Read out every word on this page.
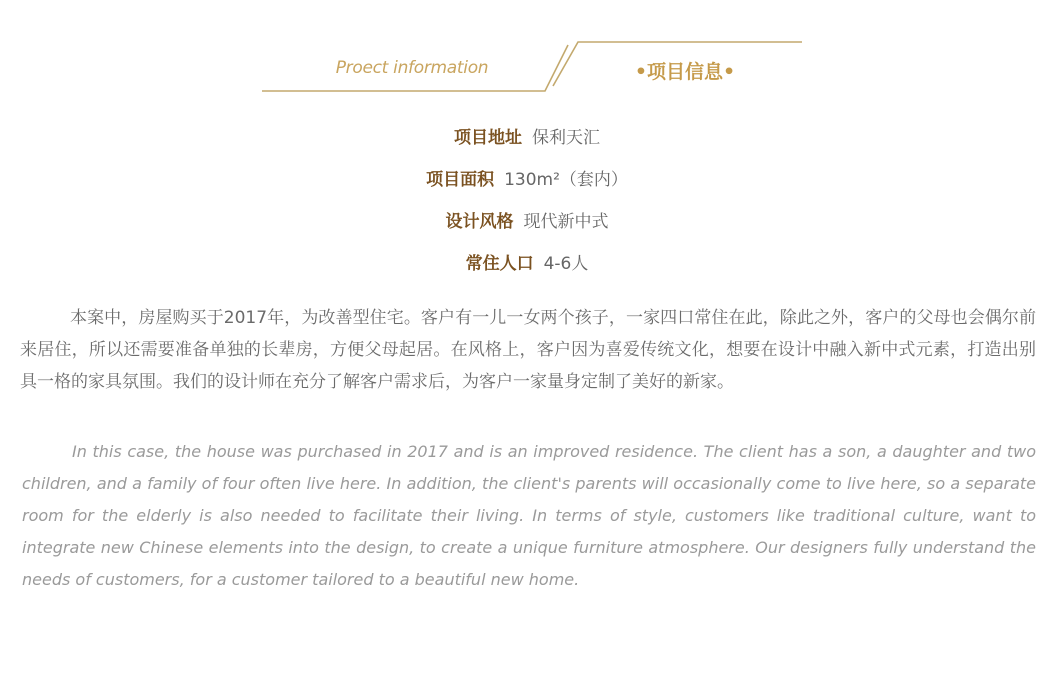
Proect information	•项目信息•
项目地址 保利天汇
项目面积 130m²（套内）
设计风格 现代新中式
常住人口 4-6人

本案中，房屋购买于2017年，为改善型住宅。客户有一儿一女两个孩子，一家四口常住在此，除此之外，客户的父母也会偶尔前来居住，所以还需要准备单独的长辈房，方便父母起居。在风格上，客户因为喜爱传统文化，想要在设计中融入新中式元素，打造出别具一格的家具氛围。我们的设计师在充分了解客户需求后，为客户一家量身定制了美好的新家。

In this case, the house was purchased in 2017 and is an improved residence. The client has a son, a daughter and two children, and a family of four often live here. In addition, the client's parents will occasionally come to live here, so a separate room for the elderly is also needed to facilitate their living. In terms of style, customers like traditional culture, want to integrate new Chinese elements into the design, to create a unique furniture atmosphere. Our designers fully understand the needs of customers, for a customer tailored to a beautiful new home.
